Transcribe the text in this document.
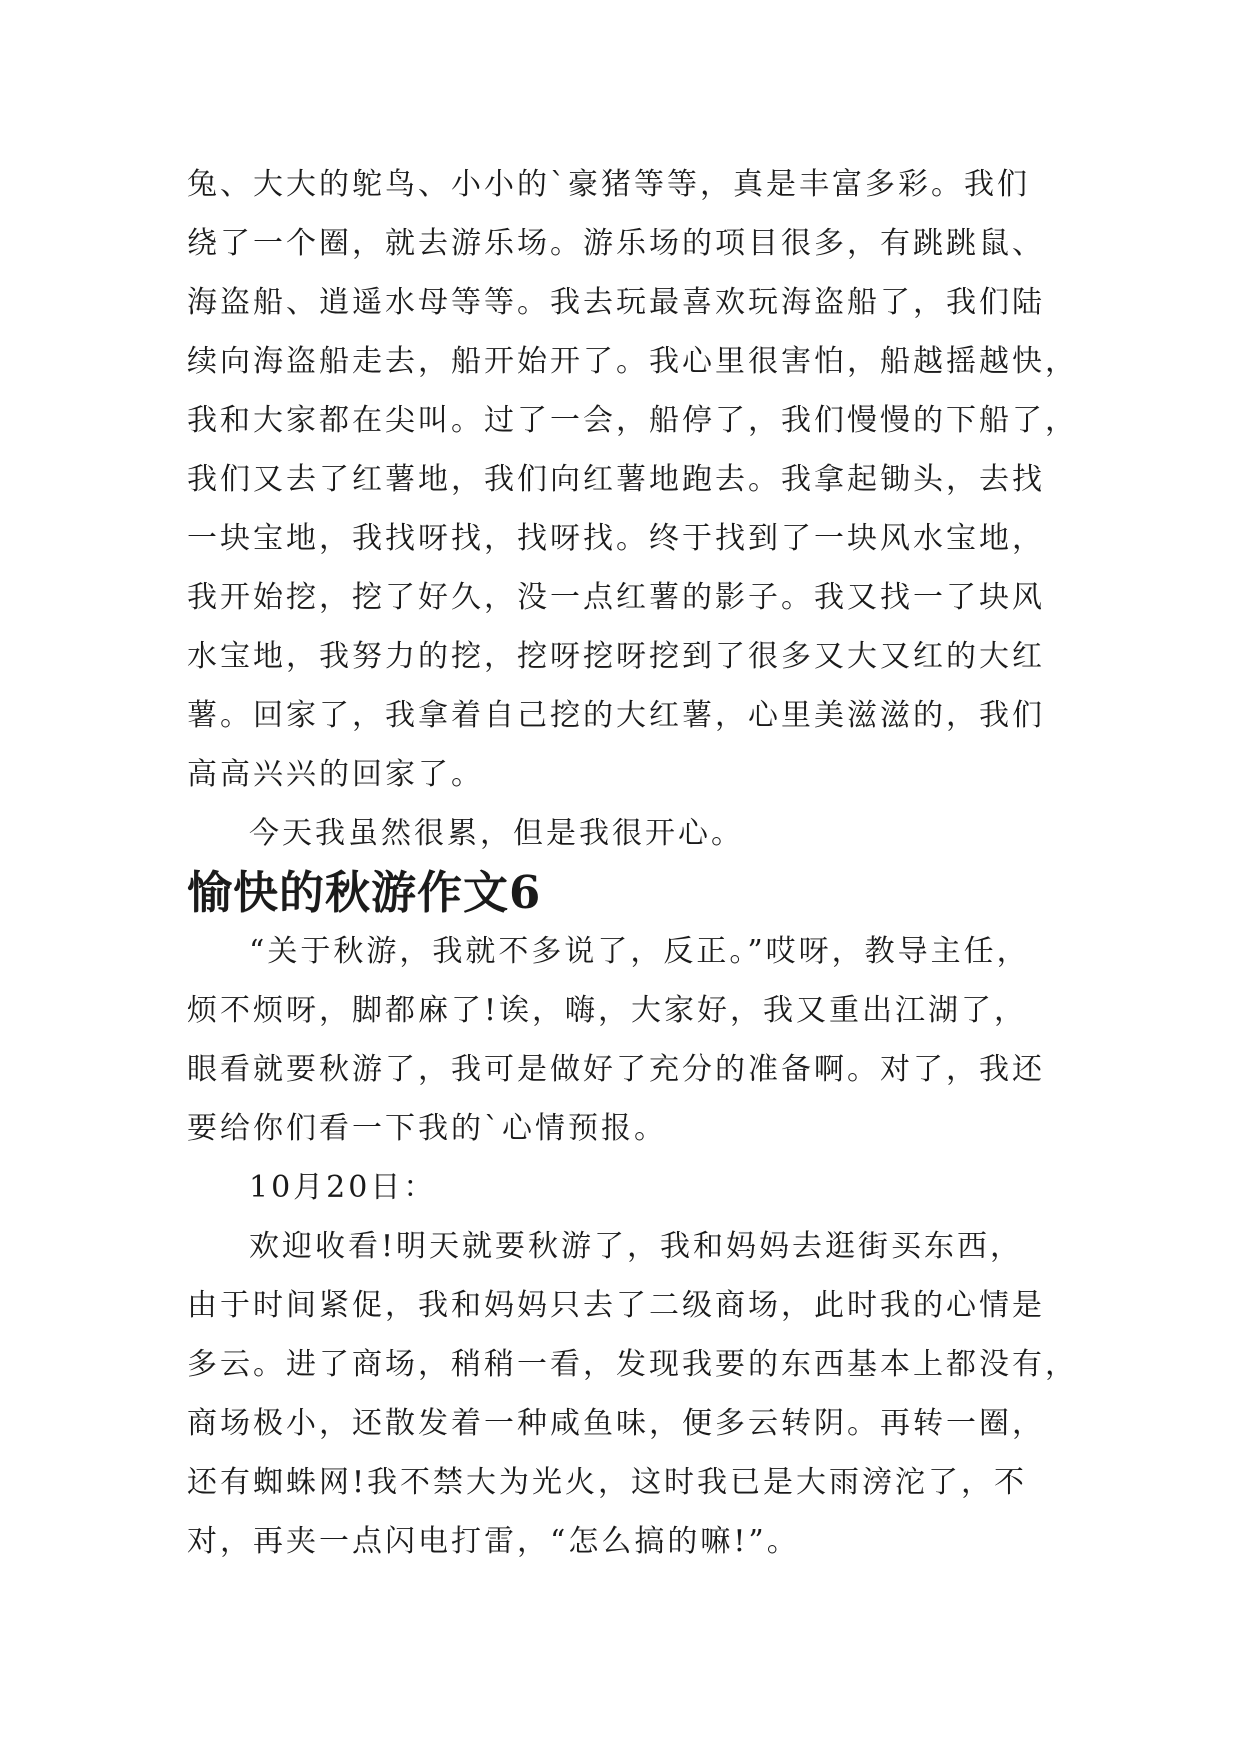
兔、大大的鸵鸟、小小的`豪猪等等，真是丰富多彩。我们
绕了一个圈，就去游乐场。游乐场的项目很多，有跳跳鼠、
海盗船、逍遥水母等等。我去玩最喜欢玩海盗船了，我们陆
续向海盗船走去，船开始开了。我心里很害怕，船越摇越快，
我和大家都在尖叫。过了一会，船停了，我们慢慢的下船了，
我们又去了红薯地，我们向红薯地跑去。我拿起锄头，去找
一块宝地，我找呀找，找呀找。终于找到了一块风水宝地，
我开始挖，挖了好久，没一点红薯的影子。我又找一了块风
水宝地，我努力的挖，挖呀挖呀挖到了很多又大又红的大红
薯。回家了，我拿着自己挖的大红薯，心里美滋滋的，我们
高高兴兴的回家了。

今天我虽然很累，但是我很开心。

愉快的秋游作文6

“关于秋游，我就不多说了，反正。”哎呀，教导主任，
烦不烦呀，脚都麻了!诶，嗨，大家好，我又重出江湖了，
眼看就要秋游了，我可是做好了充分的准备啊。对了，我还
要给你们看一下我的`心情预报。

10月20日：

欢迎收看!明天就要秋游了，我和妈妈去逛街买东西，
由于时间紧促，我和妈妈只去了二级商场，此时我的心情是
多云。进了商场，稍稍一看，发现我要的东西基本上都没有，
商场极小，还散发着一种咸鱼味，便多云转阴。再转一圈，
还有蜘蛛网!我不禁大为光火，这时我已是大雨滂沱了，不
对，再夹一点闪电打雷，“怎么搞的嘛!”。
